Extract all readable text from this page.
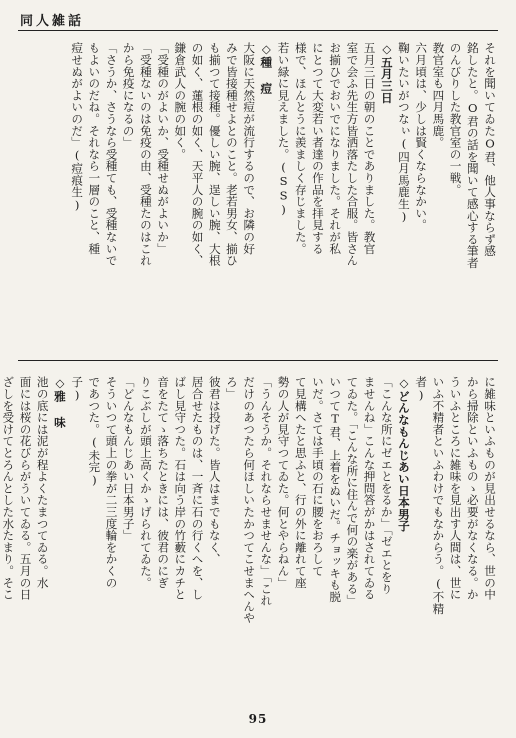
同人雑話
それを聞いてゐたO君、他人事ならず感
銘したと。O君の話を聞いて感心する筆者
のんびりした教官室の一戦。
教官室も四月馬鹿。
六月頃は、少しは賢くならなかい。
鞠いたいがつなぃ(四月馬鹿生)
◇五月三日
五月三日の朝のことでありました。教官
室で会ふ先生方皆洒落たした合服。皆さん
お揃ひでおいでになりました。それが私
にとつて大変若い者達の作品を拝見する
様で、ほんとうに羨ましく存じました。
若い緑に見えました。(SS)
◇種 痘
大阪に天然痘が流行するので、お隣の好
みで皆接種せよとのこと。老若男女、揃ひ
も揃つて接種。優しい腕、逞しい腕、大根
の如く、蓮根の如く、天平人の腕の如く、
鎌倉武人の腕の如く。
「受種のがよいか、受種せぬがよいか」
「受種ないのは免疫の由、受種たのはこれ
から免疫になるの」
「さうか、さうなら受種ても、受種ないで
もよいのだね。それなら一層のこと、種
痘せぬがよいのだ」(痘痕生)
に雑味といふものが見出せるなら、世の中
から掃除といふものゝ必要がなくなる。か
ういふところに雑味を見出す人間は、世に
いふ不精者といふわけでもなからう。(不精
者)
◇どんなもんじあい日本男子
「こんな所にゼエとをるか」「ゼエとをり
ませんね」こんな押問答がかはされてゐる
てゐた。「こんな所に住んで何の楽がある」
いつてT君、上着をぬいだ。チョッキも脱
いだ。さては手頃の石に腰をおろして
て見構へたと思ふと、行の外に離れて座
勢の人が見守つてゐた。何とやらねん」
「うんそうか。それならせませんな」「これ
だけのあつたら何ほしいたかつてこせまへんや
ろ」
彼君は投げた。皆人はまでもなく、
居合せたものは、一斉に石の行くへを、し
ばし見守つた。石は向う岸の竹藪にカチと
音をたてゝ落ちたときには、彼君のにぎ
りこぶしが頭上高くかゝげられてゐた。
「どんなもんじあい日本男子」
そういつて頭上の拳が二三度輪をかくの
であつた。(未完)
子)
◇雅 味
池の底には泥が程よくたまつてゐる。水
面には桜の花びらがういてゐる。五月の日
ざしを受けてとろんとした水たまり。そこ
95
